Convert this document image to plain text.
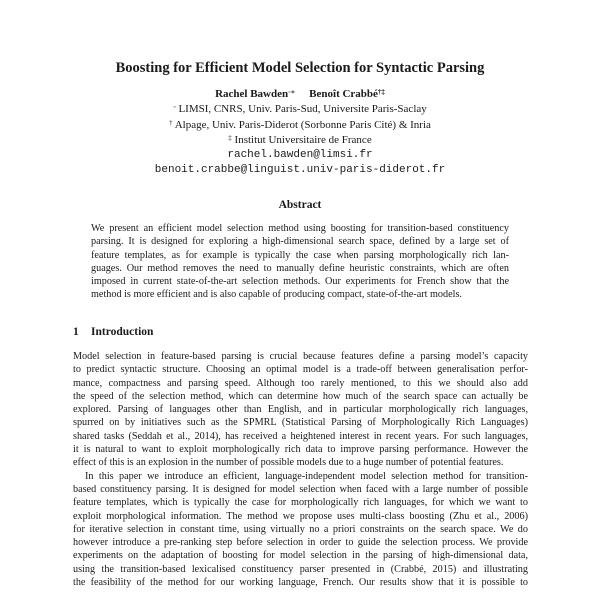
Boosting for Efficient Model Selection for Syntactic Parsing
Rachel Bawden◦∗ Benoît Crabbé†‡
◦ LIMSI, CNRS, Univ. Paris-Sud, Universite Paris-Saclay
† Alpage, Univ. Paris-Diderot (Sorbonne Paris Cité) & Inria
‡ Institut Universitaire de France
rachel.bawden@limsi.fr
benoit.crabbe@linguist.univ-paris-diderot.fr
Abstract
We present an efficient model selection method using boosting for transition-based constituency
parsing. It is designed for exploring a high-dimensional search space, defined by a large set of
feature templates, as for example is typically the case when parsing morphologically rich lan-
guages. Our method removes the need to manually define heuristic constraints, which are often
imposed in current state-of-the-art selection methods. Our experiments for French show that the
method is more efficient and is also capable of producing compact, state-of-the-art models.
1 Introduction
Model selection in feature-based parsing is crucial because features define a parsing model’s capacity
to predict syntactic structure. Choosing an optimal model is a trade-off between generalisation perfor-
mance, compactness and parsing speed. Although too rarely mentioned, to this we should also add
the speed of the selection method, which can determine how much of the search space can actually be
explored. Parsing of languages other than English, and in particular morphologically rich languages,
spurred on by initiatives such as the SPMRL (Statistical Parsing of Morphologically Rich Languages)
shared tasks (Seddah et al., 2014), has received a heightened interest in recent years. For such languages,
it is natural to want to exploit morphologically rich data to improve parsing performance. However the
effect of this is an explosion in the number of possible models due to a huge number of potential features.
In this paper we introduce an efficient, language-independent model selection method for transition-
based constituency parsing. It is designed for model selection when faced with a large number of possible
feature templates, which is typically the case for morphologically rich languages, for which we want to
exploit morphological information. The method we propose uses multi-class boosting (Zhu et al., 2006)
for iterative selection in constant time, using virtually no a priori constraints on the search space. We do
however introduce a pre-ranking step before selection in order to guide the selection process. We provide
experiments on the adaptation of boosting for model selection in the parsing of high-dimensional data,
using the transition-based lexicalised constituency parser presented in (Crabbé, 2015) and illustrating
the feasibility of the method for our working language, French. Our results show that it is possible to
